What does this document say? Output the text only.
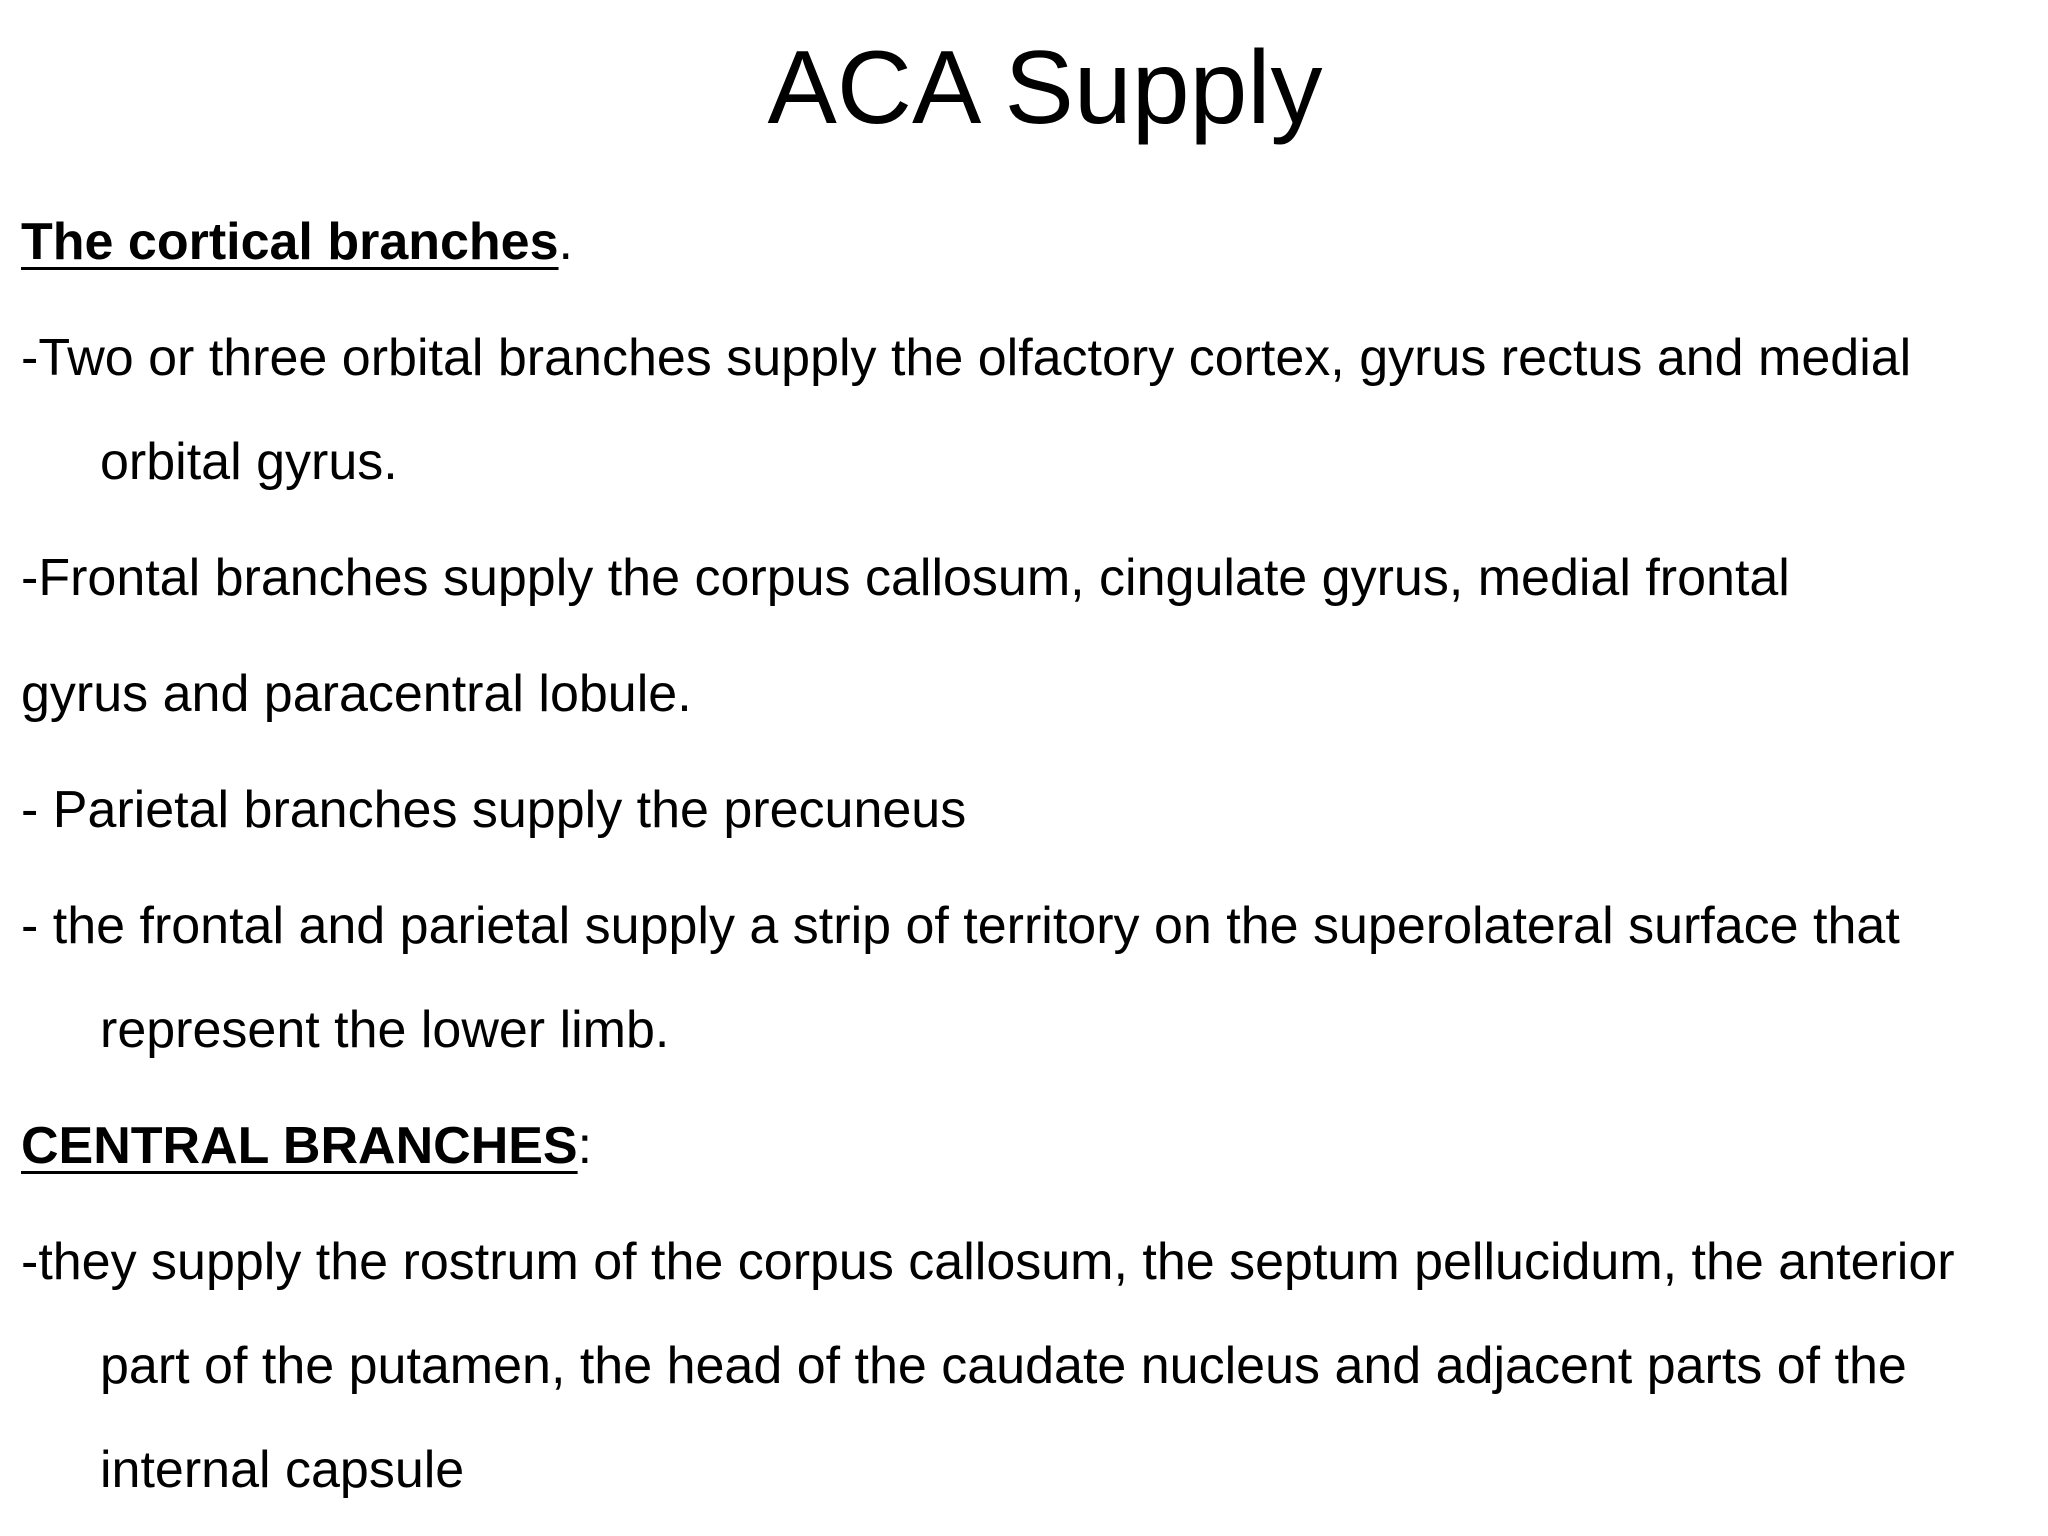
ACA Supply
The cortical branches.
-Two or three orbital branches supply the olfactory cortex, gyrus rectus and medial
orbital gyrus.
-Frontal branches supply the corpus callosum, cingulate gyrus, medial frontal
gyrus and paracentral lobule.
- Parietal branches supply the precuneus
- the frontal and parietal supply a strip of territory on the superolateral surface that
represent the lower limb.
CENTRAL BRANCHES:
-they supply the rostrum of the corpus callosum, the septum pellucidum, the anterior
part of the putamen, the head of the caudate nucleus and adjacent parts of the
internal capsule
